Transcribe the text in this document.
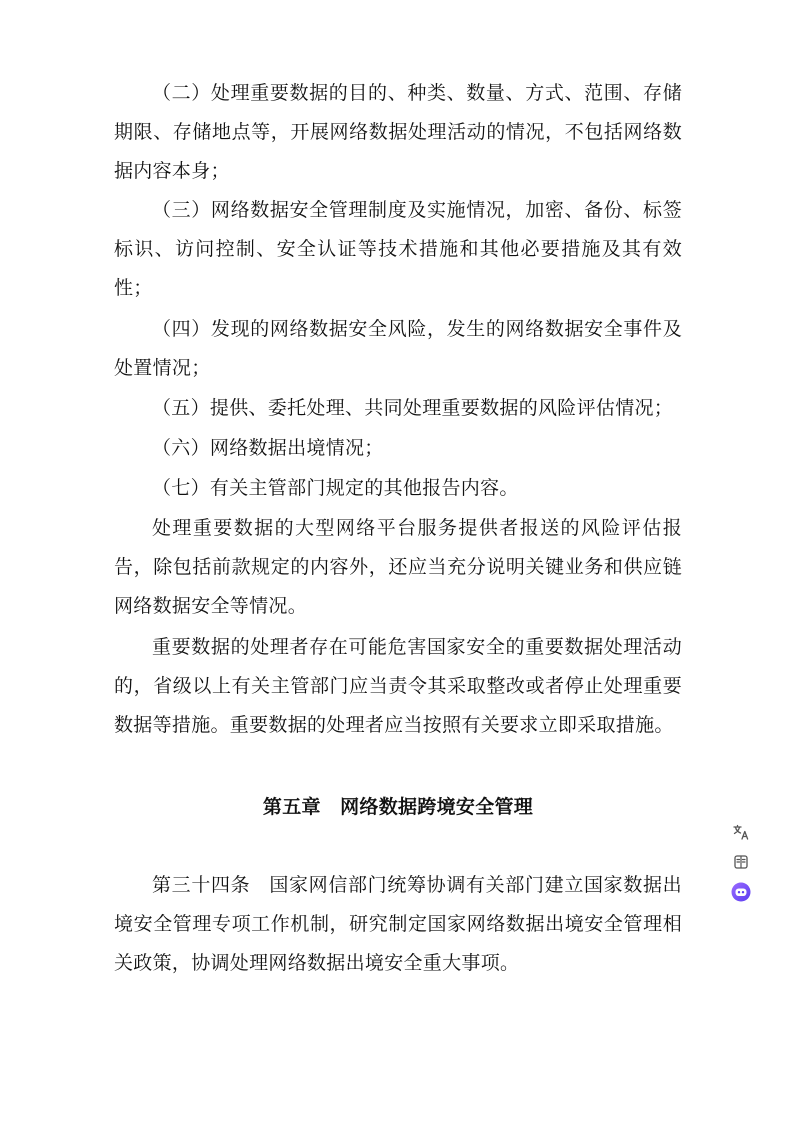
（二）处理重要数据的目的、种类、数量、方式、范围、存储期限、存储地点等，开展网络数据处理活动的情况，不包括网络数据内容本身；

（三）网络数据安全管理制度及实施情况，加密、备份、标签标识、访问控制、安全认证等技术措施和其他必要措施及其有效性；

（四）发现的网络数据安全风险，发生的网络数据安全事件及处置情况；

（五）提供、委托处理、共同处理重要数据的风险评估情况；

（六）网络数据出境情况；

（七）有关主管部门规定的其他报告内容。

处理重要数据的大型网络平台服务提供者报送的风险评估报告，除包括前款规定的内容外，还应当充分说明关键业务和供应链网络数据安全等情况。

重要数据的处理者存在可能危害国家安全的重要数据处理活动的，省级以上有关主管部门应当责令其采取整改或者停止处理重要数据等措施。重要数据的处理者应当按照有关要求立即采取措施。

第五章　网络数据跨境安全管理

第三十四条 国家网信部门统筹协调有关部门建立国家数据出境安全管理专项工作机制，研究制定国家网络数据出境安全管理相关政策，协调处理网络数据出境安全重大事项。
